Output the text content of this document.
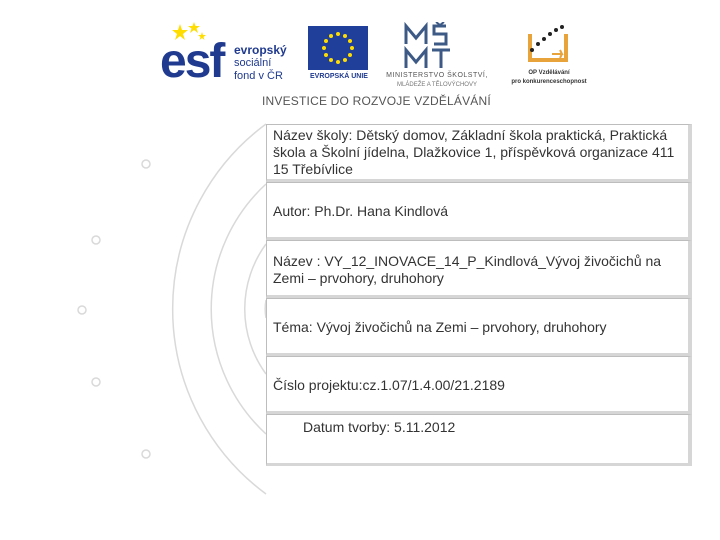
esf evropský
sociální
fond v ČR	EVROPSKÁ UNIE	MINISTERSTVO ŠKOLSTVÍ,
MLÁDEŽE A TĚLOVÝCHOVY
OP Vzdělávání
pro konkurenceschopnost
INVESTICE DO ROZVOJE VZDĚLÁVÁNÍ
Název školy: Dětský domov, Základní škola praktická, Praktická škola a Školní jídelna, Dlažkovice 1, příspěvková organizace 411 15 Třebívlice
Autor: Ph.Dr. Hana Kindlová
Název : VY_12_INOVACE_14_P_Kindlová_Vývoj živočichů na Zemi – prvohory, druhohory
Téma: Vývoj živočichů na Zemi – prvohory, druhohory
Číslo projektu:cz.1.07/1.4.00/21.2189
Datum tvorby: 5.11.2012
